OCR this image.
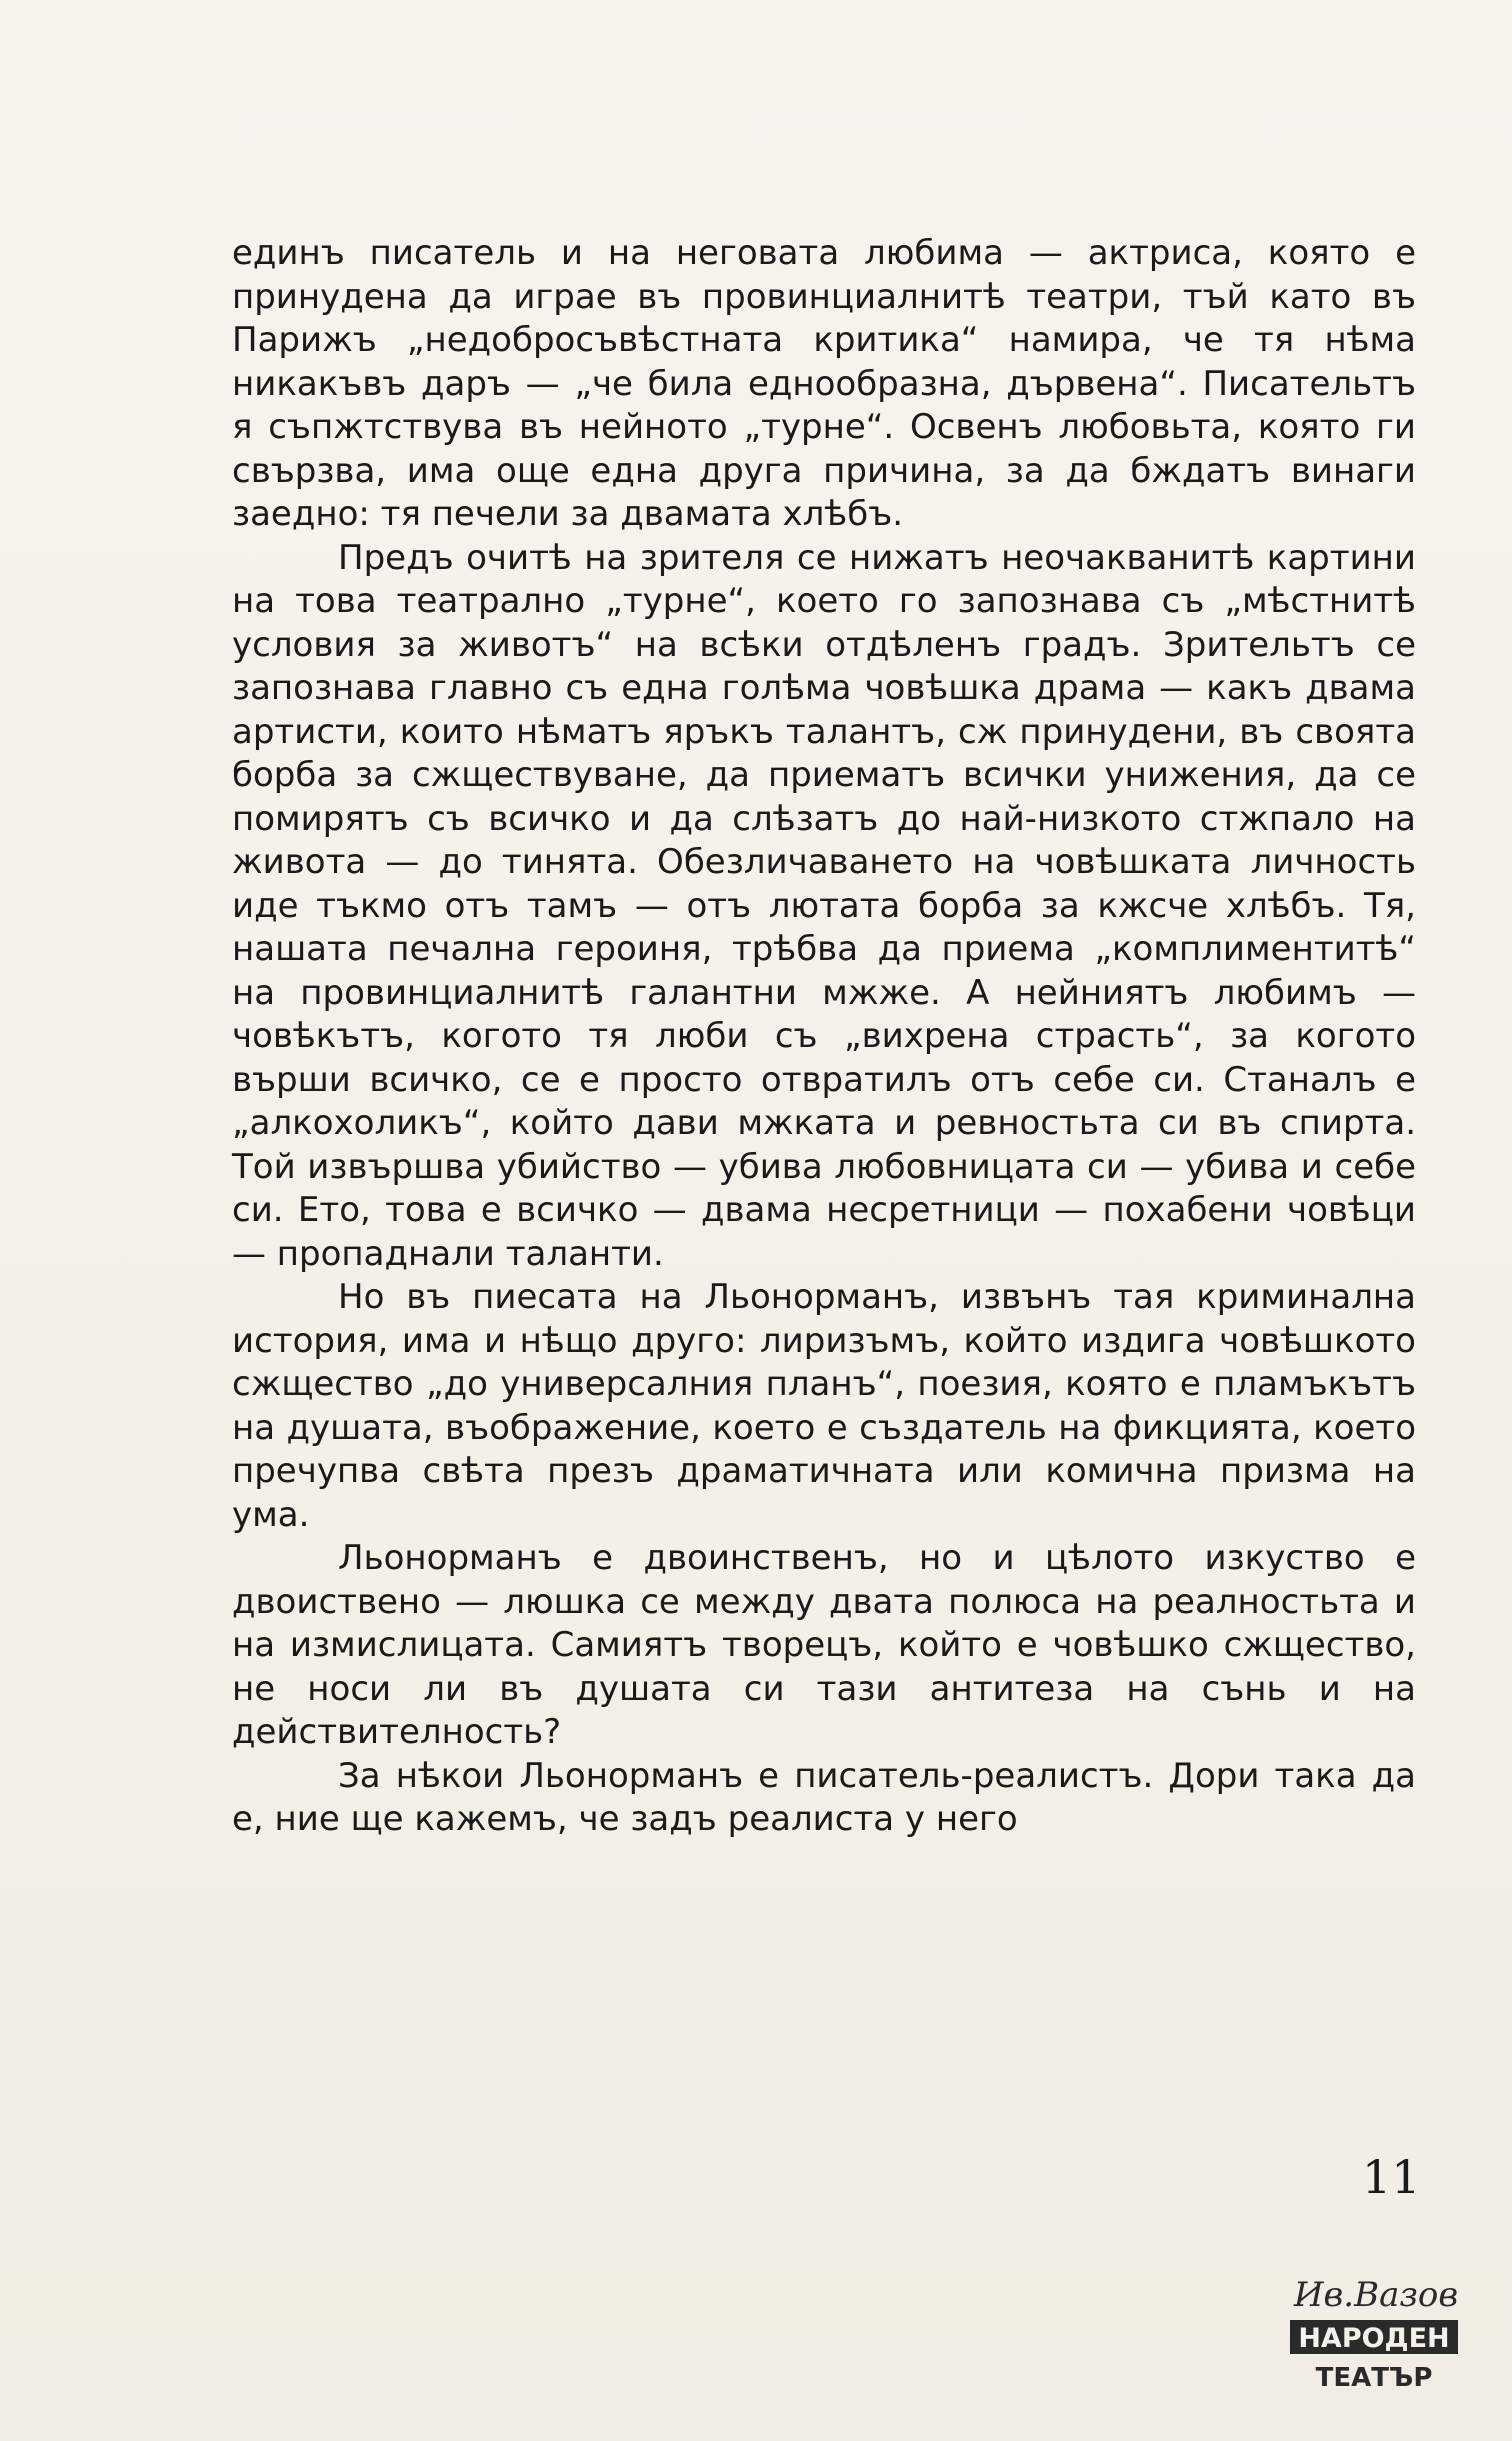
единъ писатель и на неговата любима — актриса, която е принудена да играе въ провинциалнитѣ театри, тъй като въ Парижъ „недобросъвѣстната критика“ намира, че тя нѣма никакъвъ даръ — „че била еднообразна, дървена“. Писательтъ я съпжтствува въ нейното „турне“. Освенъ любовьта, която ги свързва, има още една друга причина, за да бждатъ винаги заедно: тя печели за двамата хлѣбъ.

Предъ очитѣ на зрителя се нижатъ неочакванитѣ картини на това театрално „турне“, което го запознава съ „мѣстнитѣ условия за животъ“ на всѣки отдѣленъ градъ. Зрительтъ се запознава главно съ една голѣма човѣшка драма — какъ двама артисти, които нѣматъ яръкъ талантъ, сж принудени, въ своята борба за сжществуване, да приематъ всички унижения, да се помирятъ съ всичко и да слѣзатъ до най-низкото стжпало на живота — до тинята. Обезличаването на човѣшката личность иде тъкмо отъ тамъ — отъ лютата борба за кжсче хлѣбъ. Тя, нашата печална героиня, трѣбва да приема „комплиментитѣ“ на провинциалнитѣ галантни мжже. А нейниятъ любимъ — човѣкътъ, когото тя люби съ „вихрена страсть“, за когото върши всичко, се е просто отвратилъ отъ себе си. Станалъ е „алкохоликъ“, който дави мжката и ревностьта си въ спирта. Той извършва убийство — убива любовницата си — убива и себе си. Ето, това е всичко — двама несретници — похабени човѣци — пропаднали таланти.

Но въ пиесата на Льонорманъ, извънъ тая криминална история, има и нѣщо друго: лиризъмъ, който издига човѣшкото сжщество „до универсалния планъ“, поезия, която е пламъкътъ на душата, въображение, което е създатель на фикцията, което пречупва свѣта презъ драматичната или комична призма на ума.

Льонорманъ е двоинственъ, но и цѣлото изкуство е двоиствено — люшка се между двата полюса на реалностьта и на измислицата. Самиятъ творецъ, който е човѣшко сжщество, не носи ли въ душата си тази антитеза на сънь и на действителность?

За нѣкои Льонорманъ е писатель-реалистъ. Дори така да е, ние ще кажемъ, че задъ реалиста у него

11
Ив.Вазов
НАРОДЕН
ТЕАТЪР
